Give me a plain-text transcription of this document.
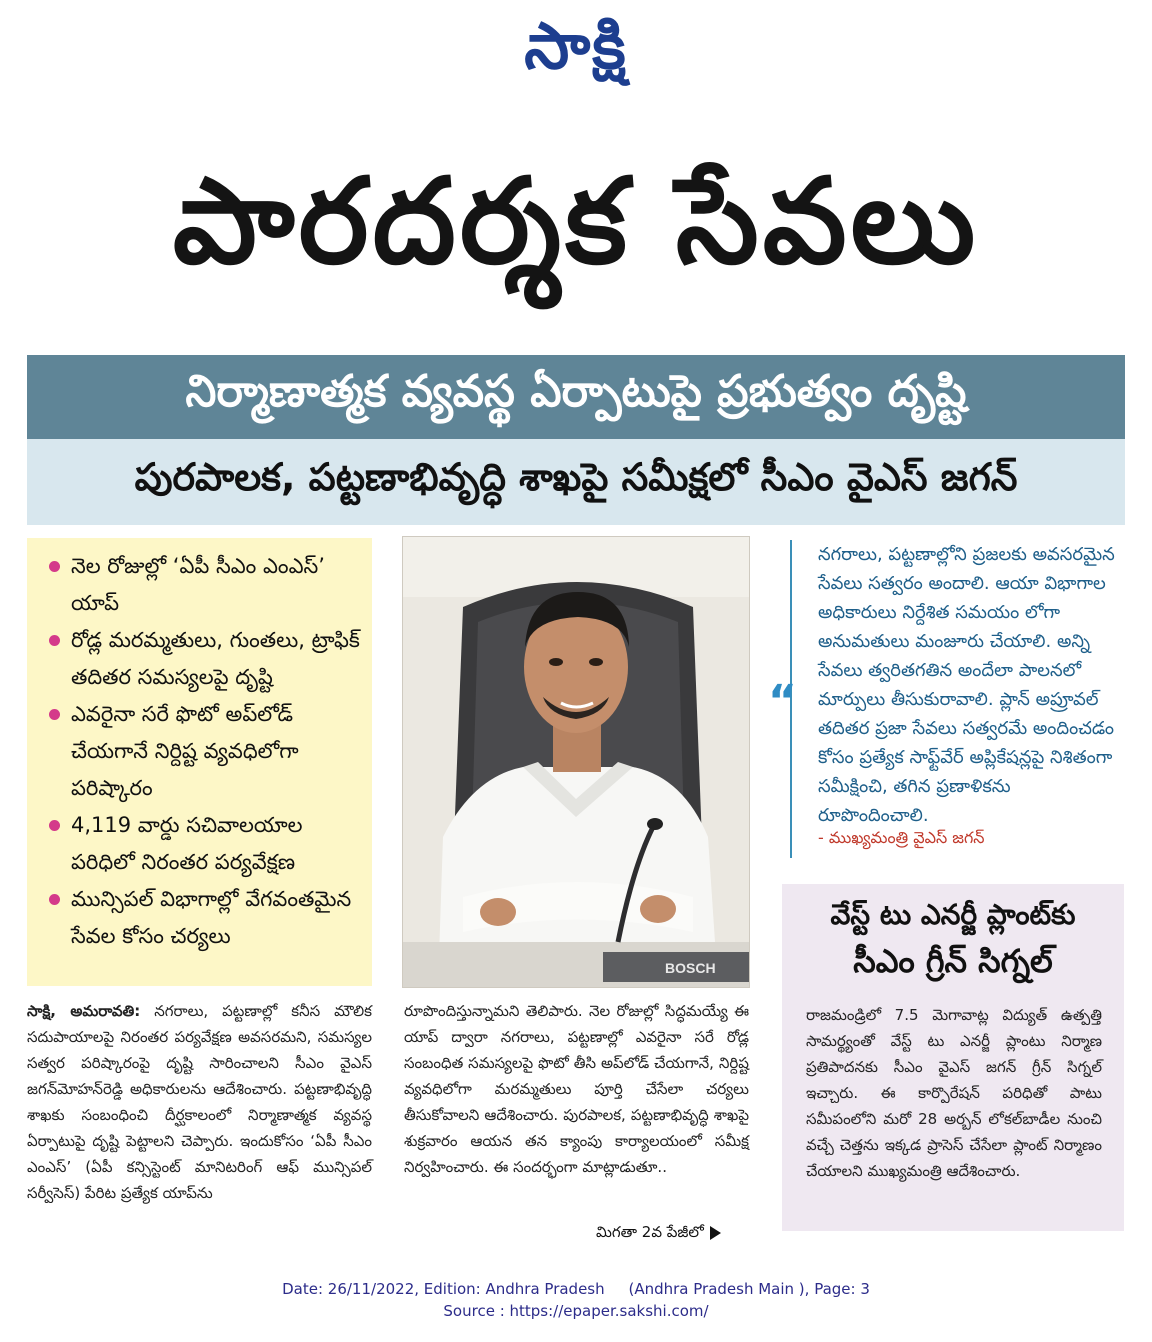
సాక్షి
పారదర్శక సేవలు
నిర్మాణాత్మక వ్యవస్థ ఏర్పాటుపై ప్రభుత్వం దృష్టి
పురపాలక, పట్టణాభివృద్ధి శాఖపై సమీక్షలో సీఎం వైఎస్ జగన్
నెల రోజుల్లో ‘ఏపీ సీఎం ఎంఎస్’ యాప్
రోడ్ల మరమ్మతులు, గుంతలు, ట్రాఫిక్ తదితర సమస్యలపై దృష్టి
ఎవరైనా సరే ఫొటో అప్‌లోడ్ చేయగానే నిర్దిష్ట వ్యవధిలోగా పరిష్కారం
4,119 వార్డు సచివాలయాల పరిధిలో నిరంతర పర్యవేక్షణ
మున్సిపల్ విభాగాల్లో వేగవంతమైన సేవల కోసం చర్యలు
BOSCH
“
నగరాలు, పట్టణాల్లోని ప్రజలకు అవసరమైన సేవలు సత్వరం అందాలి. ఆయా విభాగాల అధికారులు నిర్దేశిత సమయం లోగా అనుమతులు మంజూరు చేయాలి. అన్ని సేవలు త్వరితగతిన అందేలా పాలనలో మార్పులు తీసుకురావాలి. ప్లాన్ అప్రూవల్ తదితర ప్రజా సేవలు సత్వరమే అందించడం కోసం ప్రత్యేక సాఫ్ట్‌వేర్ అప్లికేషన్లపై నిశితంగా సమీక్షించి, తగిన ప్రణాళికను రూపొందించాలి.
- ముఖ్యమంత్రి వైఎస్ జగన్
వేస్ట్ టు ఎనర్జీ ప్లాంట్‌కు
సీఎం గ్రీన్ సిగ్నల్
రాజమండ్రిలో 7.5 మెగావాట్ల విద్యుత్ ఉత్పత్తి సామర్థ్యంతో వేస్ట్ టు ఎనర్జీ ప్లాంటు నిర్మాణ ప్రతిపాదనకు సీఎం వైఎస్ జగన్ గ్రీన్ సిగ్నల్ ఇచ్చారు. ఈ కార్పొరేషన్ పరిధితో పాటు సమీపంలోని మరో 28 అర్బన్ లోకల్‌బాడీల నుంచి వచ్చే చెత్తను ఇక్కడ ప్రాసెస్ చేసేలా ప్లాంట్ నిర్మాణం చేయాలని ముఖ్యమంత్రి ఆదేశించారు.
సాక్షి, అమరావతి: నగరాలు, పట్టణాల్లో కనీస మౌలిక సదుపాయాలపై నిరంతర పర్యవేక్షణ అవసరమని, సమస్యల సత్వర పరిష్కారంపై దృష్టి సారించాలని సీఎం వైఎస్ జగన్‌మోహన్‌రెడ్డి అధికారులను ఆదేశించారు. పట్టణాభివృద్ధి శాఖకు సంబంధించి దీర్ఘకాలంలో నిర్మాణాత్మక వ్యవస్థ ఏర్పాటుపై దృష్టి పెట్టాలని చెప్పారు. ఇందుకోసం ‘ఏపీ సీఎం ఎంఎస్’ (ఏపీ కన్సిస్టెంట్ మానిటరింగ్ ఆఫ్ మున్సిపల్ సర్వీసెస్) పేరిట ప్రత్యేక యాప్‌ను
రూపొందిస్తున్నామని తెలిపారు. నెల రోజుల్లో సిద్ధమయ్యే ఈ యాప్ ద్వారా నగరాలు, పట్టణాల్లో ఎవరైనా సరే రోడ్ల సంబంధిత సమస్యలపై ఫొటో తీసి అప్‌లోడ్ చేయగానే, నిర్దిష్ట వ్యవధిలోగా మరమ్మతులు పూర్తి చేసేలా చర్యలు తీసుకోవాలని ఆదేశించారు. పురపాలక, పట్టణాభివృద్ధి శాఖపై శుక్రవారం ఆయన తన క్యాంపు కార్యాలయంలో సమీక్ష నిర్వహించారు. ఈ సందర్భంగా మాట్లాడుతూ..
మిగతా 2వ పేజీలో
Date: 26/11/2022, Edition: Andhra Pradesh     (Andhra Pradesh Main ), Page: 3
Source : https://epaper.sakshi.com/
